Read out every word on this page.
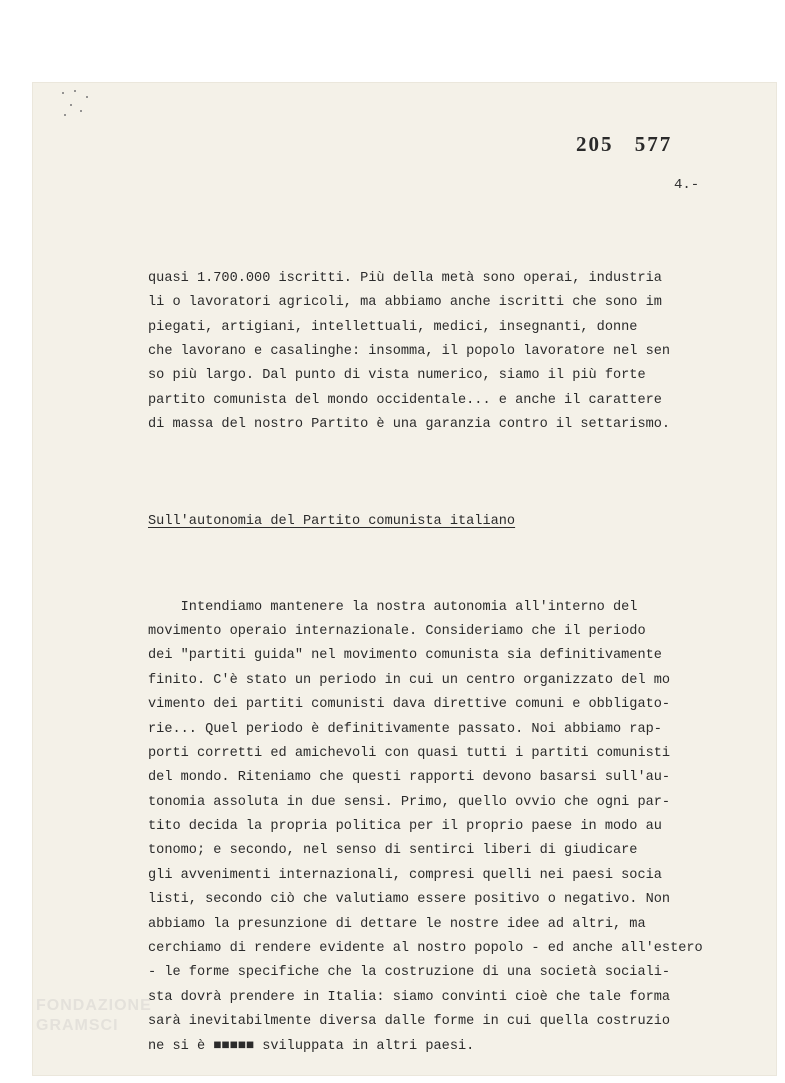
205 577
4.-

quasi 1.700.000 iscritti. Più della metà sono operai, industria
li o lavoratori agricoli, ma abbiamo anche iscritti che sono im
piegati, artigiani, intellettuali, medici, insegnanti, donne
che lavorano e casalinghe: insomma, il popolo lavoratore nel sen
so più largo. Dal punto di vista numerico, siamo il più forte
partito comunista del mondo occidentale... e anche il carattere
di massa del nostro Partito è una garanzia contro il settarismo.

Sull'autonomia del Partito comunista italiano

Intendiamo mantenere la nostra autonomia all'interno del
movimento operaio internazionale. Consideriamo che il periodo
dei "partiti guida" nel movimento comunista sia definitivamente
finito. C'è stato un periodo in cui un centro organizzato del mo
vimento dei partiti comunisti dava direttive comuni e obbligato-
rie... Quel periodo è definitivamente passato. Noi abbiamo rap-
porti corretti ed amichevoli con quasi tutti i partiti comunisti
del mondo. Riteniamo che questi rapporti devono basarsi sull'au-
tonomia assoluta in due sensi. Primo, quello ovvio che ogni par-
tito decida la propria politica per il proprio paese in modo au
tonomo; e secondo, nel senso di sentirci liberi di giudicare
gli avvenimenti internazionali, compresi quelli nei paesi socia
listi, secondo ciò che valutiamo essere positivo o negativo. Non
abbiamo la presunzione di dettare le nostre idee ad altri, ma
cerchiamo di rendere evidente al nostro popolo - ed anche all'estero
- le forme specifiche che la costruzione di una società sociali-
sta dovrà prendere in Italia: siamo convinti cioè che tale forma
sarà inevitabilmente diversa dalle forme in cui quella costruzio
ne si è ■■■■■ sviluppata in altri paesi.

FONDAZIONE
GRAMSCI
